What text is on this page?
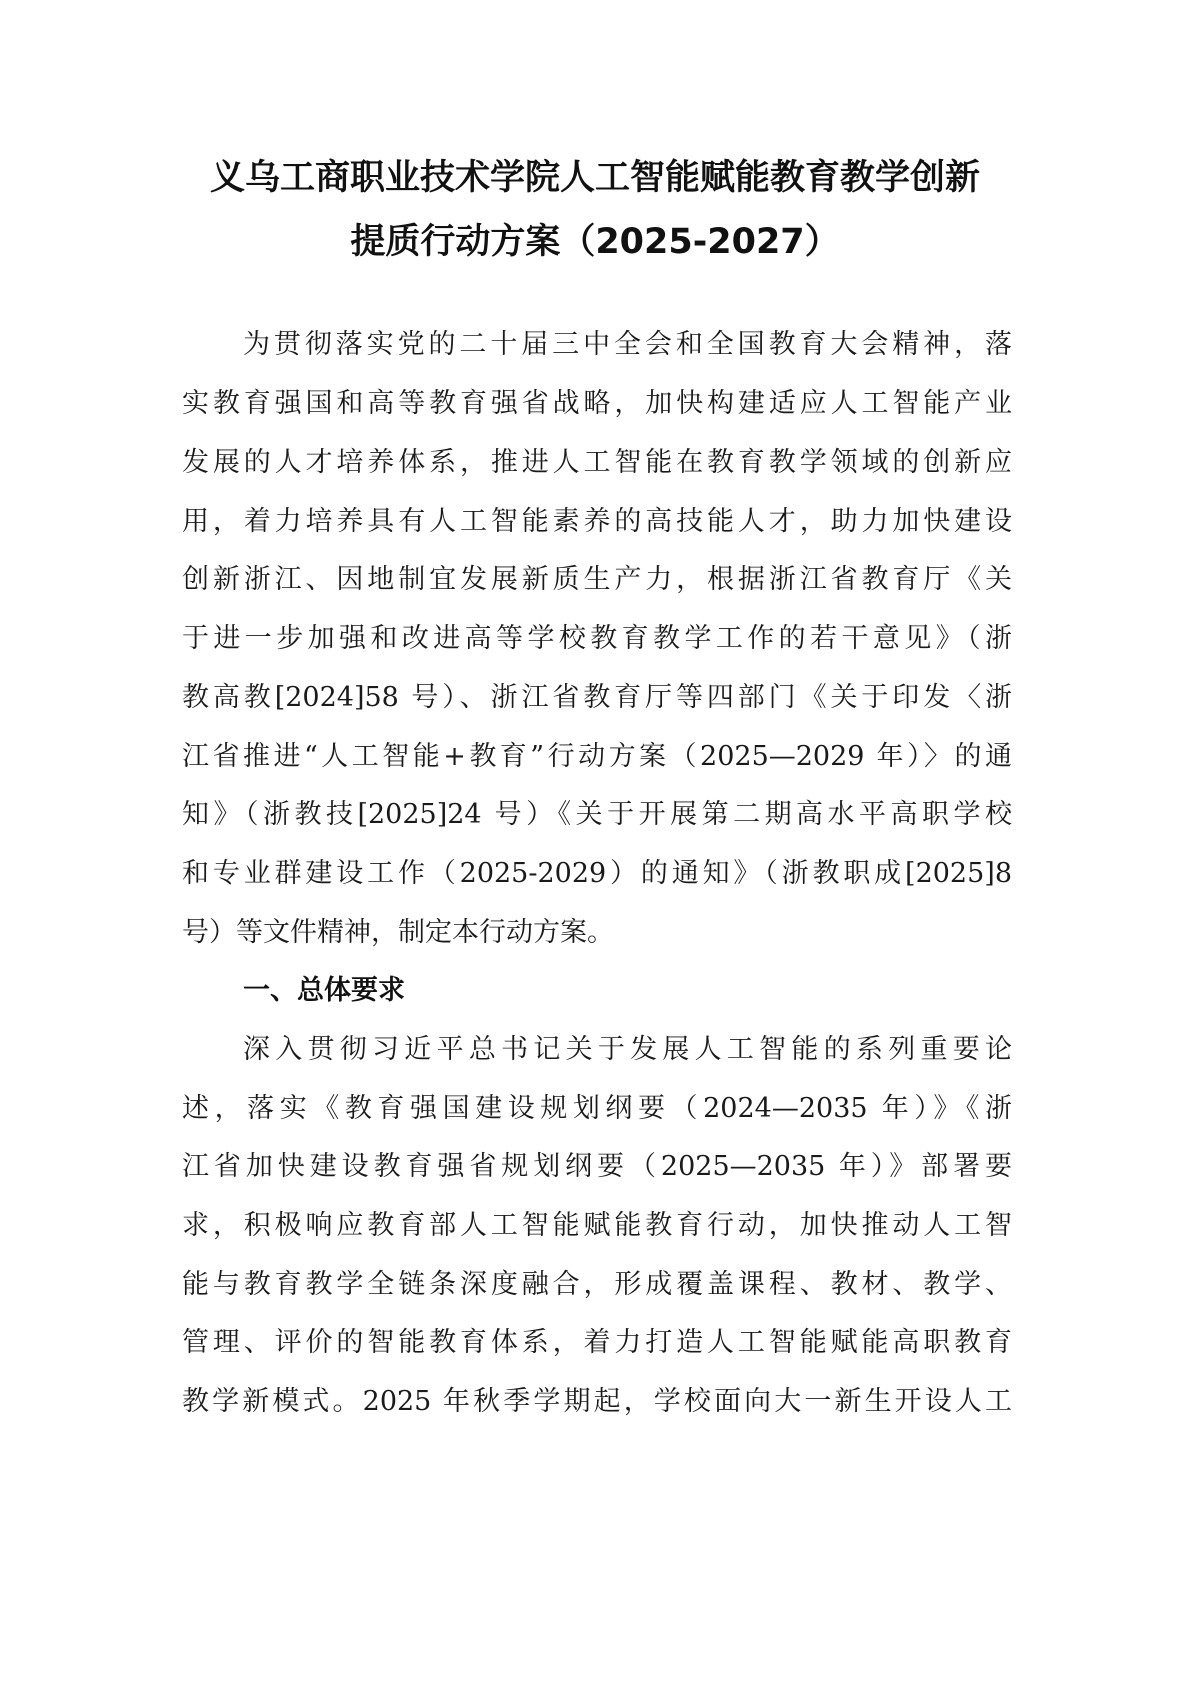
义乌工商职业技术学院人工智能赋能教育教学创新
提质行动方案（2025-2027）
为贯彻落实党的二十届三中全会和全国教育大会精神，落
实教育强国和高等教育强省战略，加快构建适应人工智能产业
发展的人才培养体系，推进人工智能在教育教学领域的创新应
用，着力培养具有人工智能素养的高技能人才，助力加快建设
创新浙江、因地制宜发展新质生产力，根据浙江省教育厅《关
于进一步加强和改进高等学校教育教学工作的若干意见》（浙
教高教[2024]58 号）、浙江省教育厅等四部门《关于印发〈浙
江省推进“人工智能+教育”行动方案（2025—2029 年）〉的通
知》（浙教技[2025]24 号）《关于开展第二期高水平高职学校
和专业群建设工作（2025-2029）的通知》（浙教职成[2025]8
号）等文件精神，制定本行动方案。
一、总体要求
深入贯彻习近平总书记关于发展人工智能的系列重要论
述，落实《教育强国建设规划纲要（2024—2035 年）》《浙
江省加快建设教育强省规划纲要（2025—2035 年）》部署要
求，积极响应教育部人工智能赋能教育行动，加快推动人工智
能与教育教学全链条深度融合，形成覆盖课程、教材、教学、
管理、评价的智能教育体系，着力打造人工智能赋能高职教育
教学新模式。2025 年秋季学期起，学校面向大一新生开设人工
